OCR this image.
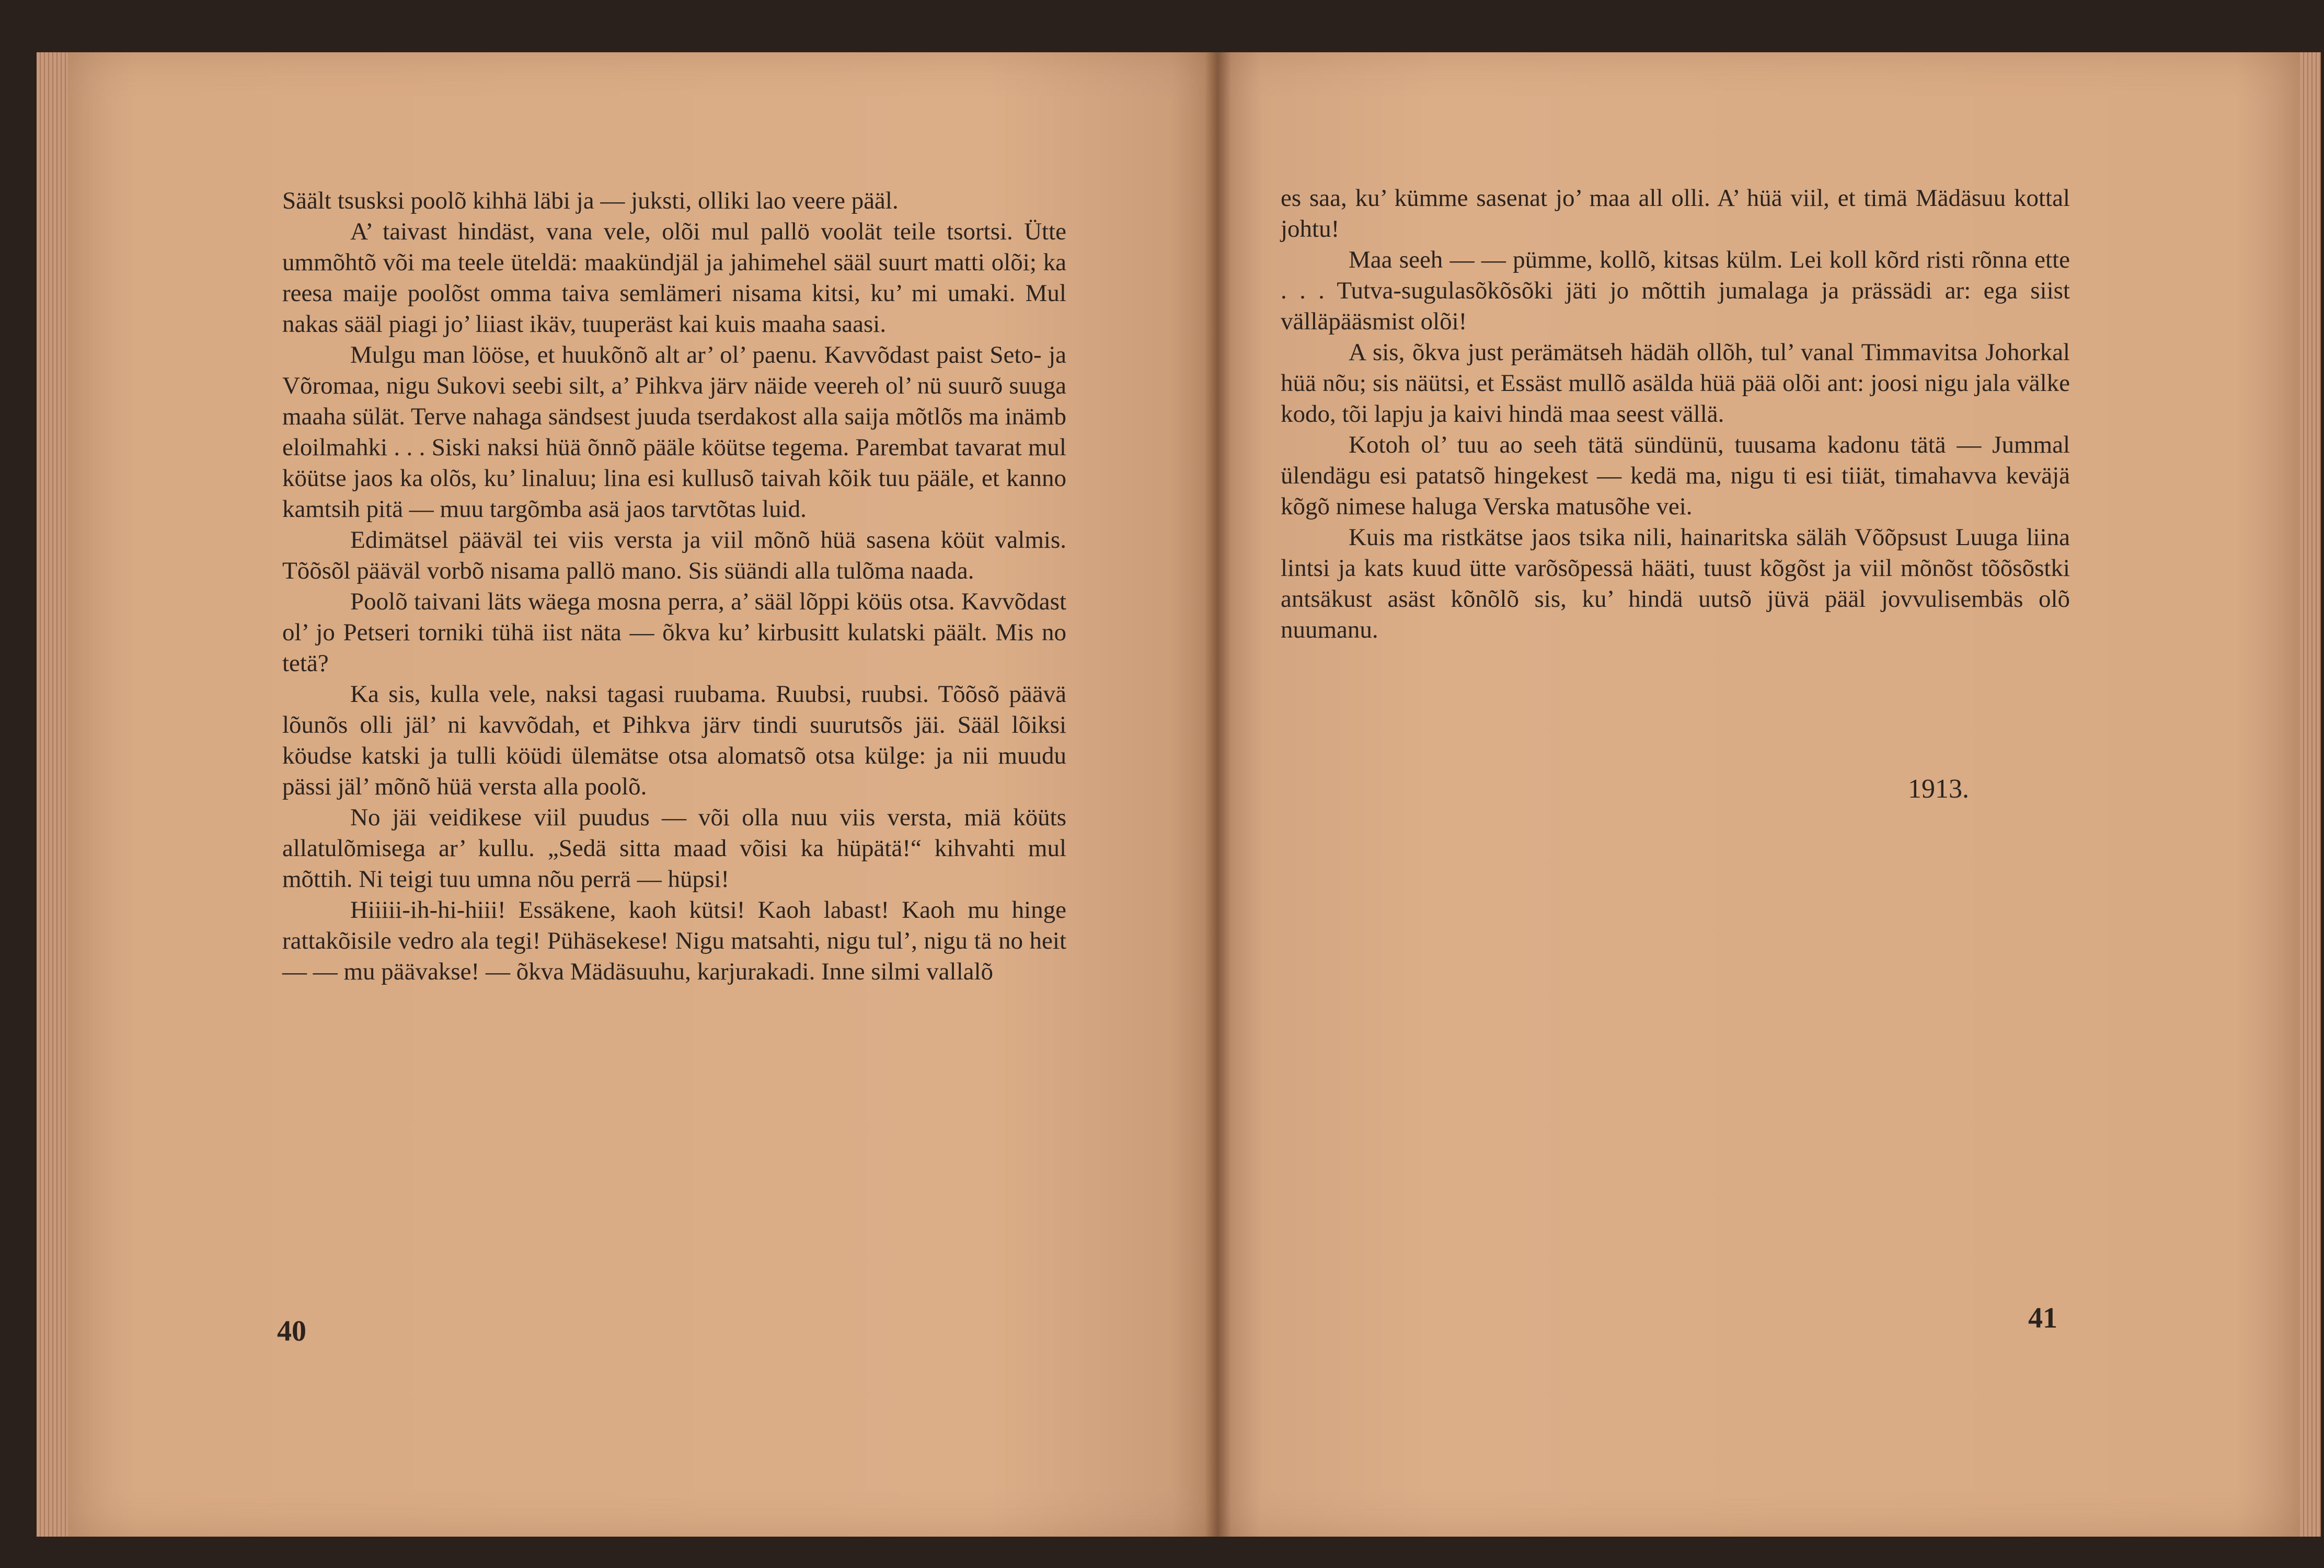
Säält tsusksi poolõ kihhä läbi ja — juksti, olliki lao veere pääl.

A’ taivast hindäst, vana vele, olõi mul pallö voolät teile tsortsi. Ütte ummõhtõ või ma teele üteldä: maakündjäl ja jahimehel sääl suurt matti olõi; ka reesa maije poolõst omma taiva semlämeri nisama kitsi, ku’ mi umaki. Mul nakas sääl piagi jo’ liiast ikäv, tuuperäst kai kuis maaha saasi.

Mulgu man lööse, et huukõnõ alt ar’ ol’ paenu. Kavvõdast paist Seto- ja Võromaa, nigu Sukovi seebi silt, a’ Pihkva järv näide veereh ol’ nü suurõ suuga maaha sülät. Terve nahaga sändsest juuda tserdakost alla saija mõtlõs ma inämb eloilmahki . . . Siski naksi hüä õnnõ pääle köütse tegema. Parembat tavarat mul köütse jaos ka olõs, ku’ linaluu; lina esi kullusõ taivah kõik tuu pääle, et kanno kamtsih pitä — muu targõmba asä jaos tarvtõtas luid.

Edimätsel pääväl tei viis versta ja viil mõnõ hüä sasena köüt valmis. Tõõsõl pääväl vorbõ nisama pallö mano. Sis süändi alla tulõma naada.

Poolõ taivani läts wäega mosna perra, a’ sääl lõppi köüs otsa. Kavvõdast ol’ jo Petseri torniki tühä iist näta — õkva ku’ kirbusitt kulatski päält. Mis no tetä?

Ka sis, kulla vele, naksi tagasi ruubama. Ruubsi, ruubsi. Tõõsõ päävä lõunõs olli jäl’ ni kavvõdah, et Pihkva järv tindi suurutsõs jäi. Sääl lõiksi köudse katski ja tulli köüdi ülemätse otsa alomatsõ otsa külge: ja nii muudu pässi jäl’ mõnõ hüä versta alla poolõ.

No jäi veidikese viil puudus — või olla nuu viis versta, miä köüts allatulõmisega ar’ kullu. „Sedä sitta maad võisi ka hüpätä!“ kihvahti mul mõttih. Ni teigi tuu umna nõu perrä — hüpsi!

Hiiiii-ih-hi-hiii! Essäkene, kaoh kütsi! Kaoh labast! Kaoh mu hinge rattakõisile vedro ala tegi! Pühäsekese! Nigu matsahti, nigu tul’, nigu tä no heit — — mu päävakse! — õkva Mädäsuuhu, karjurakadi. Inne silmi vallalõ

40

es saa, ku’ kümme sasenat jo’ maa all olli. A’ hüä viil, et timä Mädäsuu kottal johtu!

Maa seeh — — pümme, kollõ, kitsas külm. Lei koll kõrd risti rõnna ette . . . Tutva-sugulasõkõsõki jäti jo mõttih jumalaga ja prässädi ar: ega siist välläpääsmist olõi!

A sis, õkva just perämätseh hädäh ollõh, tul’ vanal Timmavitsa Johorkal hüä nõu; sis näütsi, et Essäst mullõ asälda hüä pää olõi ant: joosi nigu jala välke kodo, tõi lapju ja kaivi hindä maa seest vällä.

Kotoh ol’ tuu ao seeh tätä sündünü, tuusama kadonu tätä — Jummal ülendägu esi patatsõ hingekest — kedä ma, nigu ti esi tiiät, timahavva keväjä kõgõ nimese haluga Verska matusõhe vei.

Kuis ma ristkätse jaos tsika nili, hainaritska säläh Võõpsust Luuga liina lintsi ja kats kuud ütte varõsõpessä hääti, tuust kõgõst ja viil mõnõst tõõsõstki antsäkust asäst kõnõlõ sis, ku’ hindä uutsõ jüvä pääl jovvulisembäs olõ nuumanu.

1913.
41
